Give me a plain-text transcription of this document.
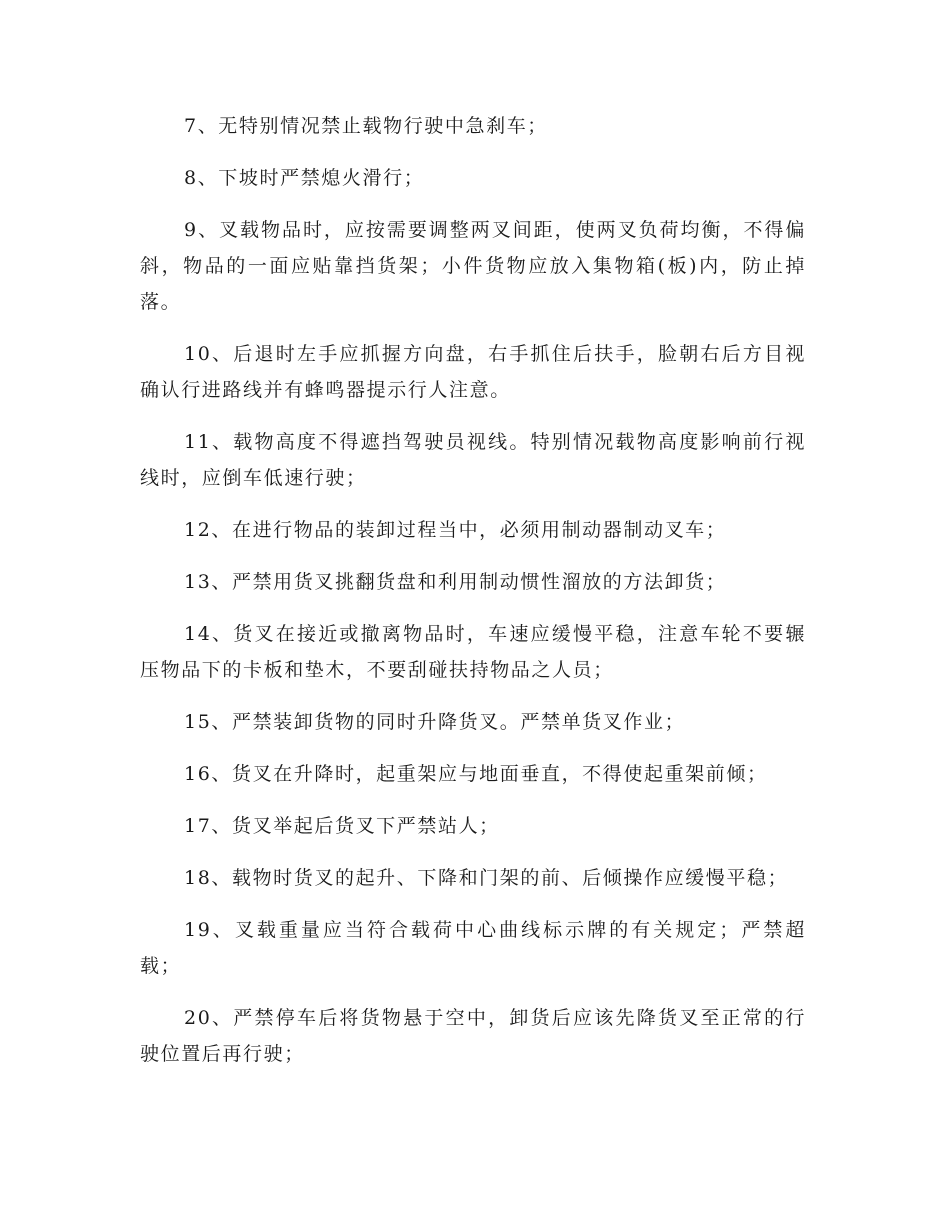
7、无特别情况禁止载物行驶中急刹车；

8、下坡时严禁熄火滑行；

9、叉载物品时，应按需要调整两叉间距，使两叉负荷均衡，不得偏斜，物品的一面应贴靠挡货架；小件货物应放入集物箱(板)内，防止掉落。

10、后退时左手应抓握方向盘，右手抓住后扶手，脸朝右后方目视确认行进路线并有蜂鸣器提示行人注意。

11、载物高度不得遮挡驾驶员视线。特别情况载物高度影响前行视线时，应倒车低速行驶；

12、在进行物品的装卸过程当中，必须用制动器制动叉车；

13、严禁用货叉挑翻货盘和利用制动惯性溜放的方法卸货；

14、货叉在接近或撤离物品时，车速应缓慢平稳，注意车轮不要辗压物品下的卡板和垫木，不要刮碰扶持物品之人员；

15、严禁装卸货物的同时升降货叉。严禁单货叉作业；

16、货叉在升降时，起重架应与地面垂直，不得使起重架前倾；

17、货叉举起后货叉下严禁站人；

18、载物时货叉的起升、下降和门架的前、后倾操作应缓慢平稳；

19、叉载重量应当符合载荷中心曲线标示牌的有关规定；严禁超载；

20、严禁停车后将货物悬于空中，卸货后应该先降货叉至正常的行驶位置后再行驶；
